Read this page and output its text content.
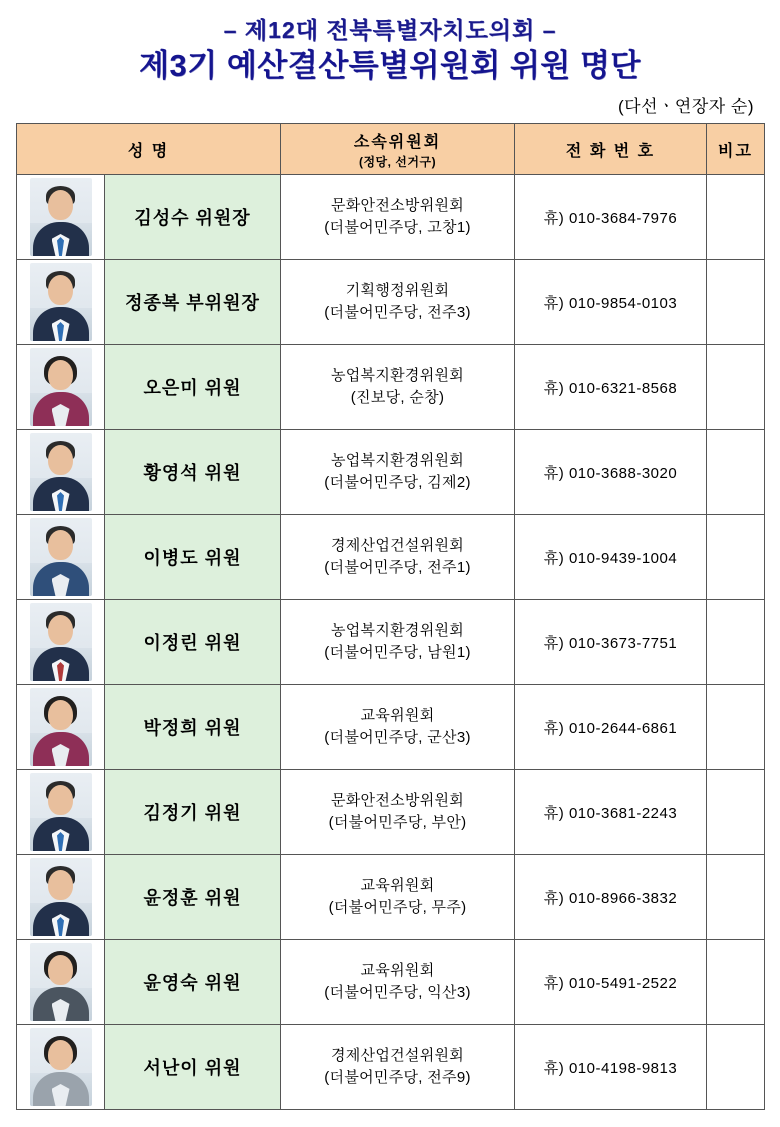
– 제12대 전북특별자치도의회 –
제3기 예산결산특별위원회 위원 명단
(다선ㆍ연장자 순)
성 명		소속위원회
(정당, 선거구)	전 화 번 호	비고

	김성수 위원장	문화안전소방위원회
(더불어민주당, 고창1)	휴) 010-3684-7976	

	정종복 부위원장	기획행정위원회
(더불어민주당, 전주3)	휴) 010-9854-0103	

	오은미 위원	농업복지환경위원회
(진보당, 순창)	휴) 010-6321-8568	

	황영석 위원	농업복지환경위원회
(더불어민주당, 김제2)	휴) 010-3688-3020	

	이병도 위원	경제산업건설위원회
(더불어민주당, 전주1)	휴) 010-9439-1004	

	이정린 위원	농업복지환경위원회
(더불어민주당, 남원1)	휴) 010-3673-7751	

	박정희 위원	교육위원회
(더불어민주당, 군산3)	휴) 010-2644-6861	

	김정기 위원	문화안전소방위원회
(더불어민주당, 부안)	휴) 010-3681-2243	

	윤정훈 위원	교육위원회
(더불어민주당, 무주)	휴) 010-8966-3832	

	윤영숙 위원	교육위원회
(더불어민주당, 익산3)	휴) 010-5491-2522	

	서난이 위원	경제산업건설위원회
(더불어민주당, 전주9)	휴) 010-4198-9813	
